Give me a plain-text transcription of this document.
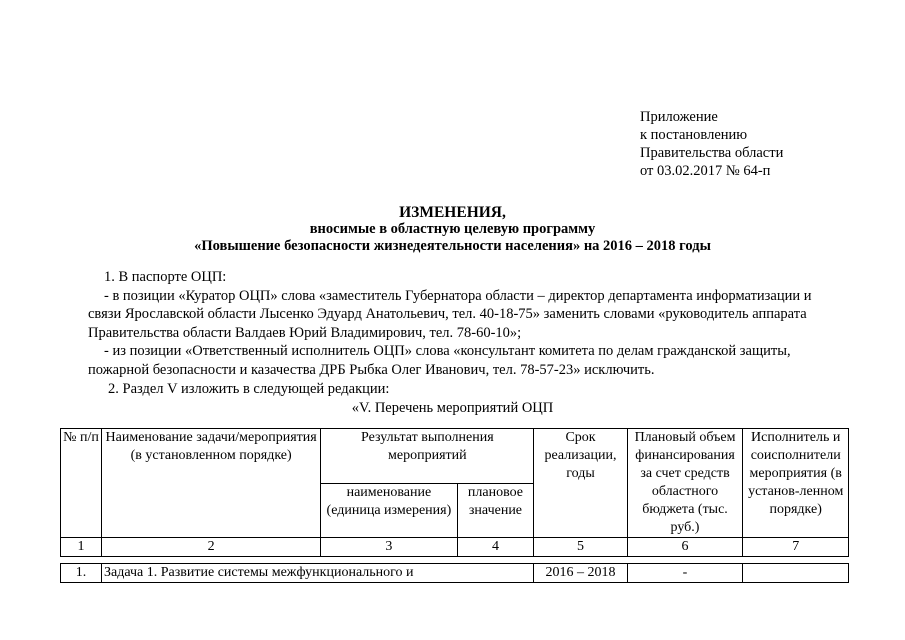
Приложение
к постановлению
Правительства области
от 03.02.2017 № 64-п
ИЗМЕНЕНИЯ,
вносимые в областную целевую программу
«Повышение безопасности жизнедеятельности населения» на 2016 – 2018 годы

1. В паспорте ОЦП:

- в позиции «Куратор ОЦП» слова «заместитель Губернатора области – директор департамента информатизации и связи Ярославской области Лысенко Эдуард Анатольевич, тел. 40-18-75» заменить словами «руководитель аппарата Правительства области Валдаев Юрий Владимирович, тел. 78-60-10»;

- из позиции «Ответственный исполнитель ОЦП» слова «консультант комитета по делам гражданской защиты, пожарной безопасности и казачества ДРБ Рыбка Олег Иванович, тел. 78-57-23» исключить.

2. Раздел V изложить в следующей редакции:

«V. Перечень мероприятий ОЦП
№ п/п	Наименование задачи/мероприятия (в установленном порядке)	Результат выполнения мероприятий		Срок реализации, годы	Плановый объем финансирования за счет средств областного бюджета (тыс. руб.)	Исполнитель и соисполнители мероприятия (в установ-ленном порядке)
		наименование (единица измерения)	плановое значение			
1	2	3	4	5	6	7

1.	Задача 1. Развитие системы межфункционального и			2016 – 2018	-	
